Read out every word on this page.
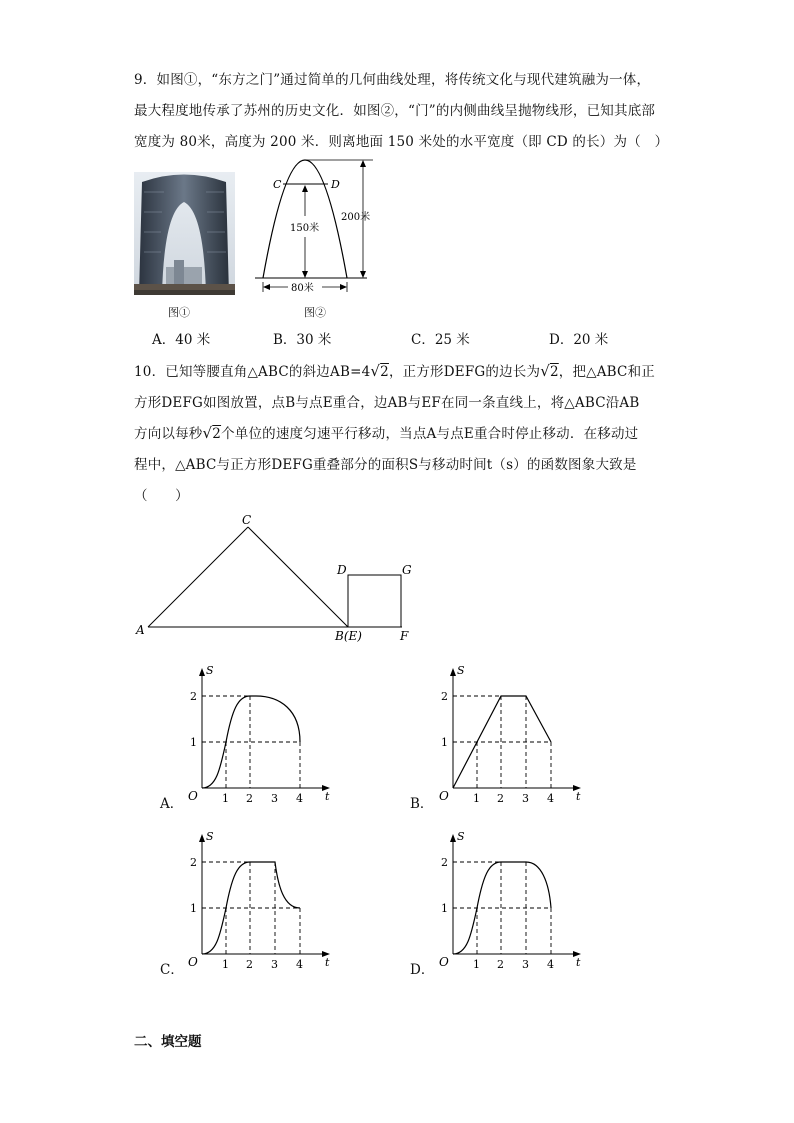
9．如图①，“东方之门”通过简单的几何曲线处理，将传统文化与现代建筑融为一体，
最大程度地传承了苏州的历史文化．如图②，“门”的内侧曲线呈抛物线形，已知其底部
宽度为 80米，高度为 200 米．则离地面 150 米处的水平宽度（即 CD 的长）为（　）
图①
C	D
200米
150米
80米
图②
A．40 米	B．30 米	C．25 米	D．20 米
10．已知等腰直角△ABC的斜边AB=4√2，正方形DEFG的边长为√2，把△ABC和正
方形DEFG如图放置，点B与点E重合，边AB与EF在同一条直线上，将△ABC沿AB
方向以每秒√2个单位的速度匀速平行移动，当点A与点E重合时停止移动．在移动过
程中，△ABC与正方形DEFG重叠部分的面积S与移动时间t（s）的函数图象大致是
（　　）
A
C
B(E)
D	G
F
A．
S
t
O 1 2 3 4
1
2
B．
S
t
O 1 2 3 4
1
2
C．
S
t
O 1 2 3 4
1
2
D．
S
t
O 1 2 3 4
1
2
二、填空题
